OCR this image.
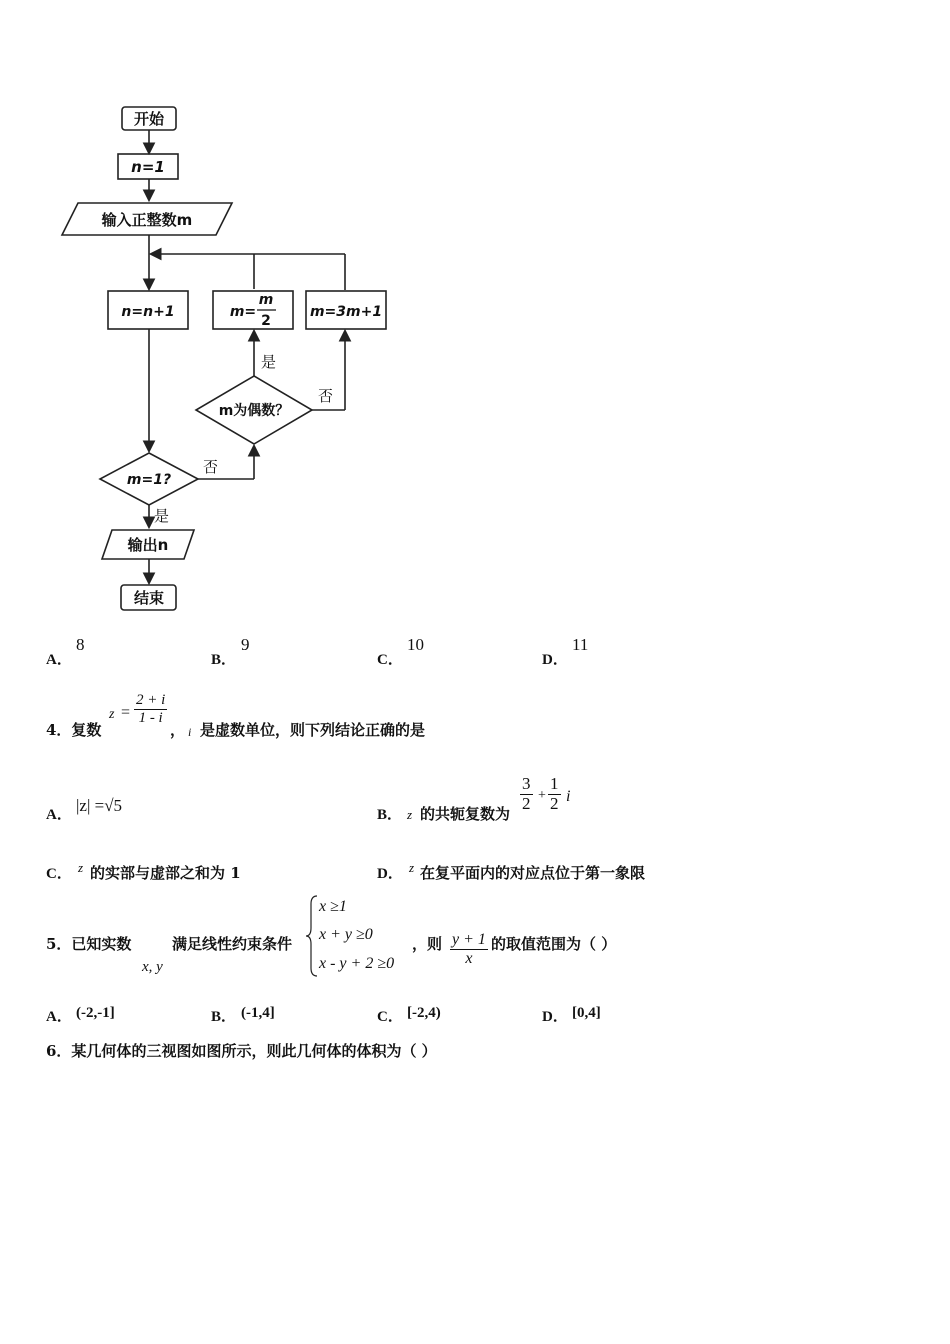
开始
n=1
输入正整数m
n=n+1	m=
m
2
m=3m+1
m为偶数？
m=1?
是
否
否
是
输出n
结束
A．
8
B．
9
C．
10
D．
11
4．复数
$z = \frac{2 + i}{1 - i}$
， i 是虚数单位，则下列结论正确的是
A． |z| =√5	B． z 的共轭复数为
$\frac{3}{2} + \frac{1}{2}$ i
C． z 的实部与虚部之和为 1	D． z 在复平面内的对应点位于第一象限
5．已知实数
x, y
满足线性约束条件
x ≥1
x + y ≥0
x - y + 2 ≥0
，则 $\frac{y + 1}{x}$ 的取值范围为（ ）
A． (-2,-1]	B． (-1,4]	C． [-2,4)	D． [0,4]
6．某几何体的三视图如图所示，则此几何体的体积为（ ）
